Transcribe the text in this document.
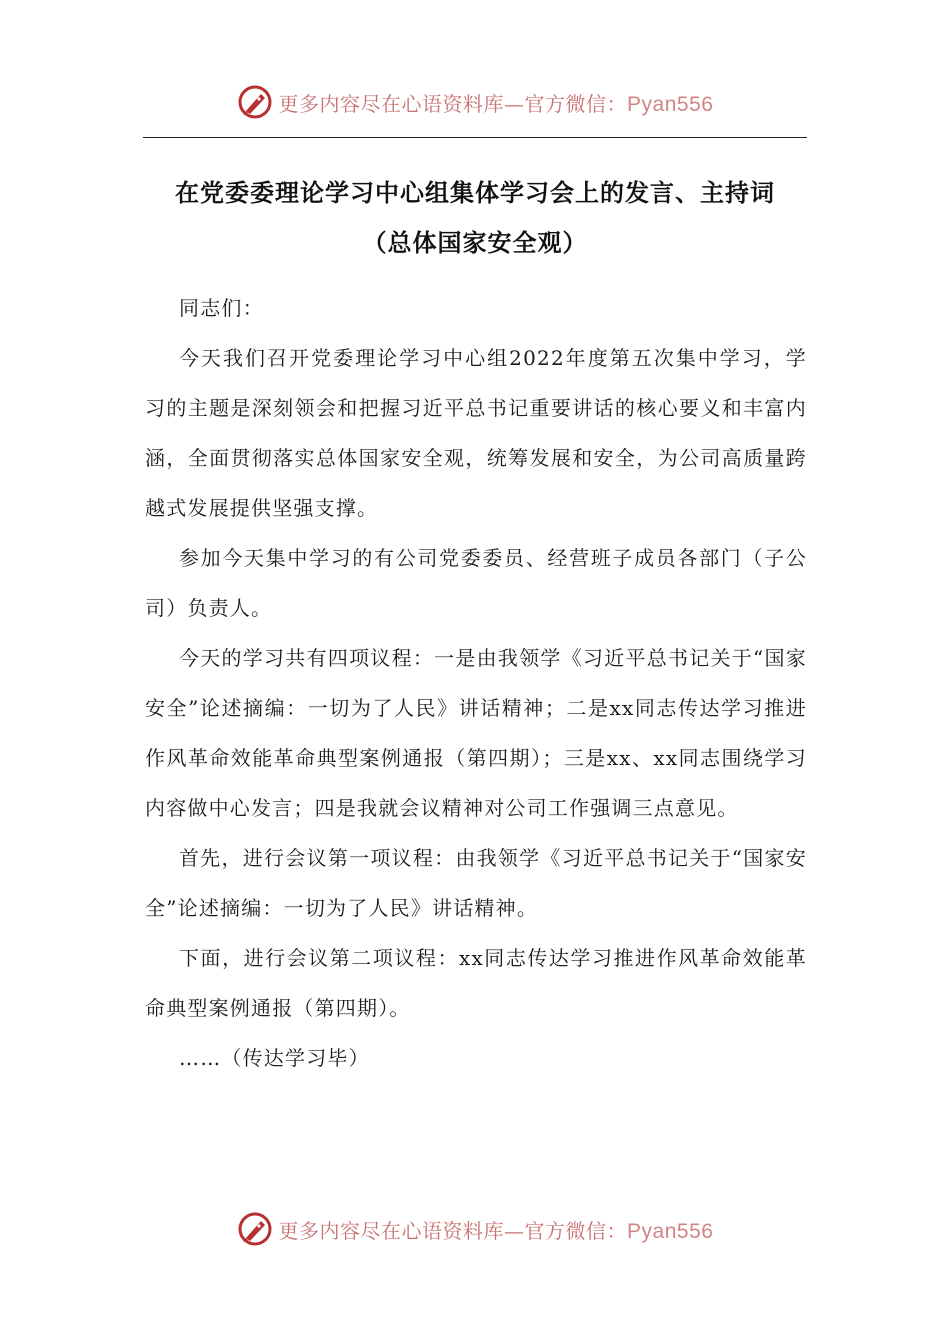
更多内容尽在心语资料库—官方微信：Pyan556
在党委委理论学习中心组集体学习会上的发言、主持词
（总体国家安全观）

同志们：

今天我们召开党委理论学习中心组2022年度第五次集中学习，学习的主题是深刻领会和把握习近平总书记重要讲话的核心要义和丰富内涵，全面贯彻落实总体国家安全观，统筹发展和安全，为公司高质量跨越式发展提供坚强支撑。

参加今天集中学习的有公司党委委员、经营班子成员各部门（子公司）负责人。

今天的学习共有四项议程：一是由我领学《习近平总书记关于“国家安全”论述摘编：一切为了人民》讲话精神；二是xx同志传达学习推进作风革命效能革命典型案例通报（第四期）；三是xx、xx同志围绕学习内容做中心发言；四是我就会议精神对公司工作强调三点意见。

首先，进行会议第一项议程：由我领学《习近平总书记关于“国家安全”论述摘编：一切为了人民》讲话精神。

下面，进行会议第二项议程：xx同志传达学习推进作风革命效能革命典型案例通报（第四期）。

……（传达学习毕）

更多内容尽在心语资料库—官方微信：Pyan556
